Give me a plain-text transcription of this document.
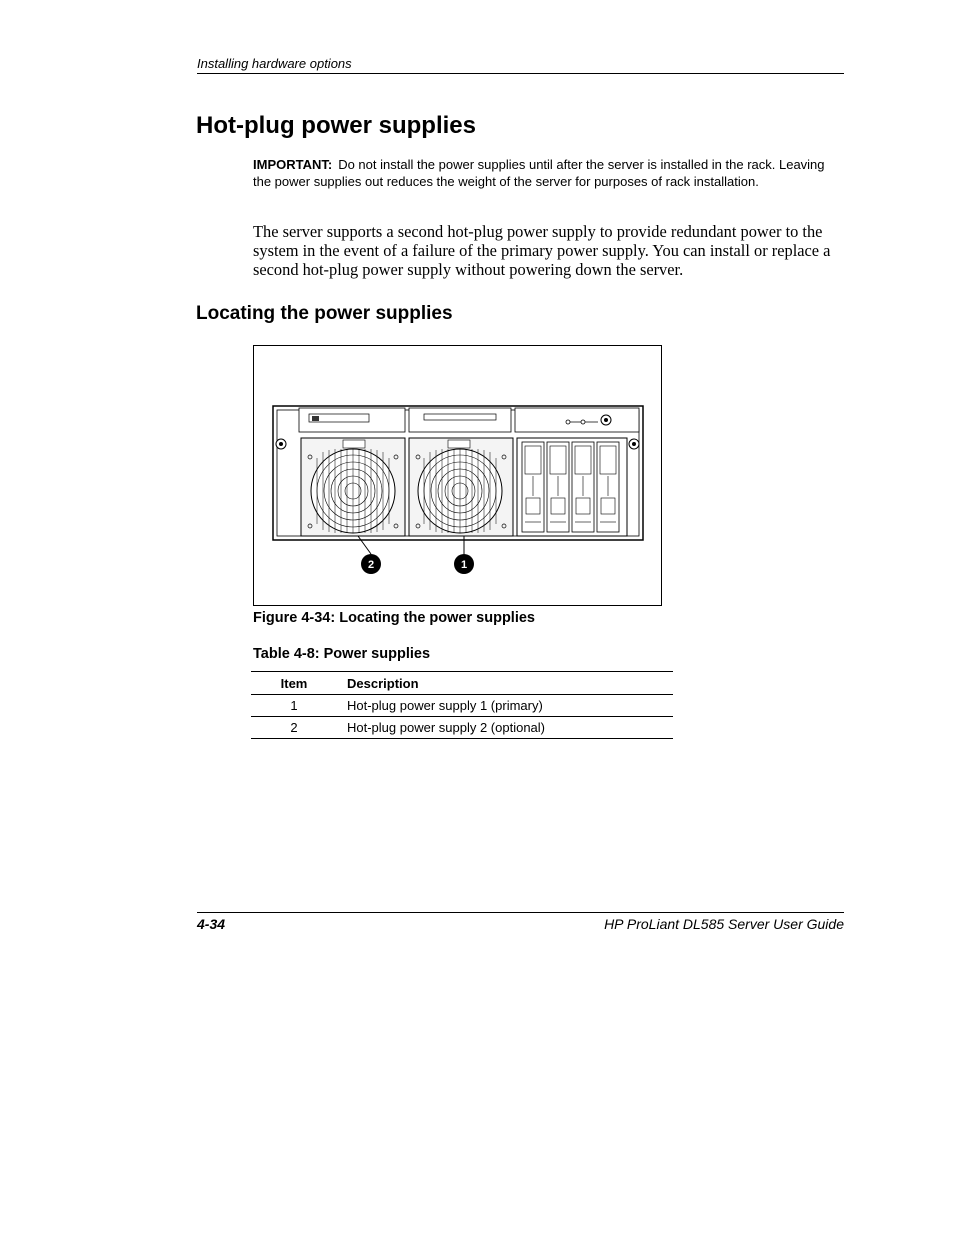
Installing hardware options
Hot-plug power supplies
IMPORTANT: Do not install the power supplies until after the server is installed in the rack. Leaving the power supplies out reduces the weight of the server for purposes of rack installation.

The server supports a second hot-plug power supply to provide redundant power to the system in the event of a failure of the primary power supply. You can install or replace a second hot-plug power supply without powering down the server.

Locating the power supplies
2	1
Figure 4-34: Locating the power supplies
Table 4-8: Power supplies
Item	Description
1	Hot-plug power supply 1 (primary)
2	Hot-plug power supply 2 (optional)
4-34	HP ProLiant DL585 Server User Guide
